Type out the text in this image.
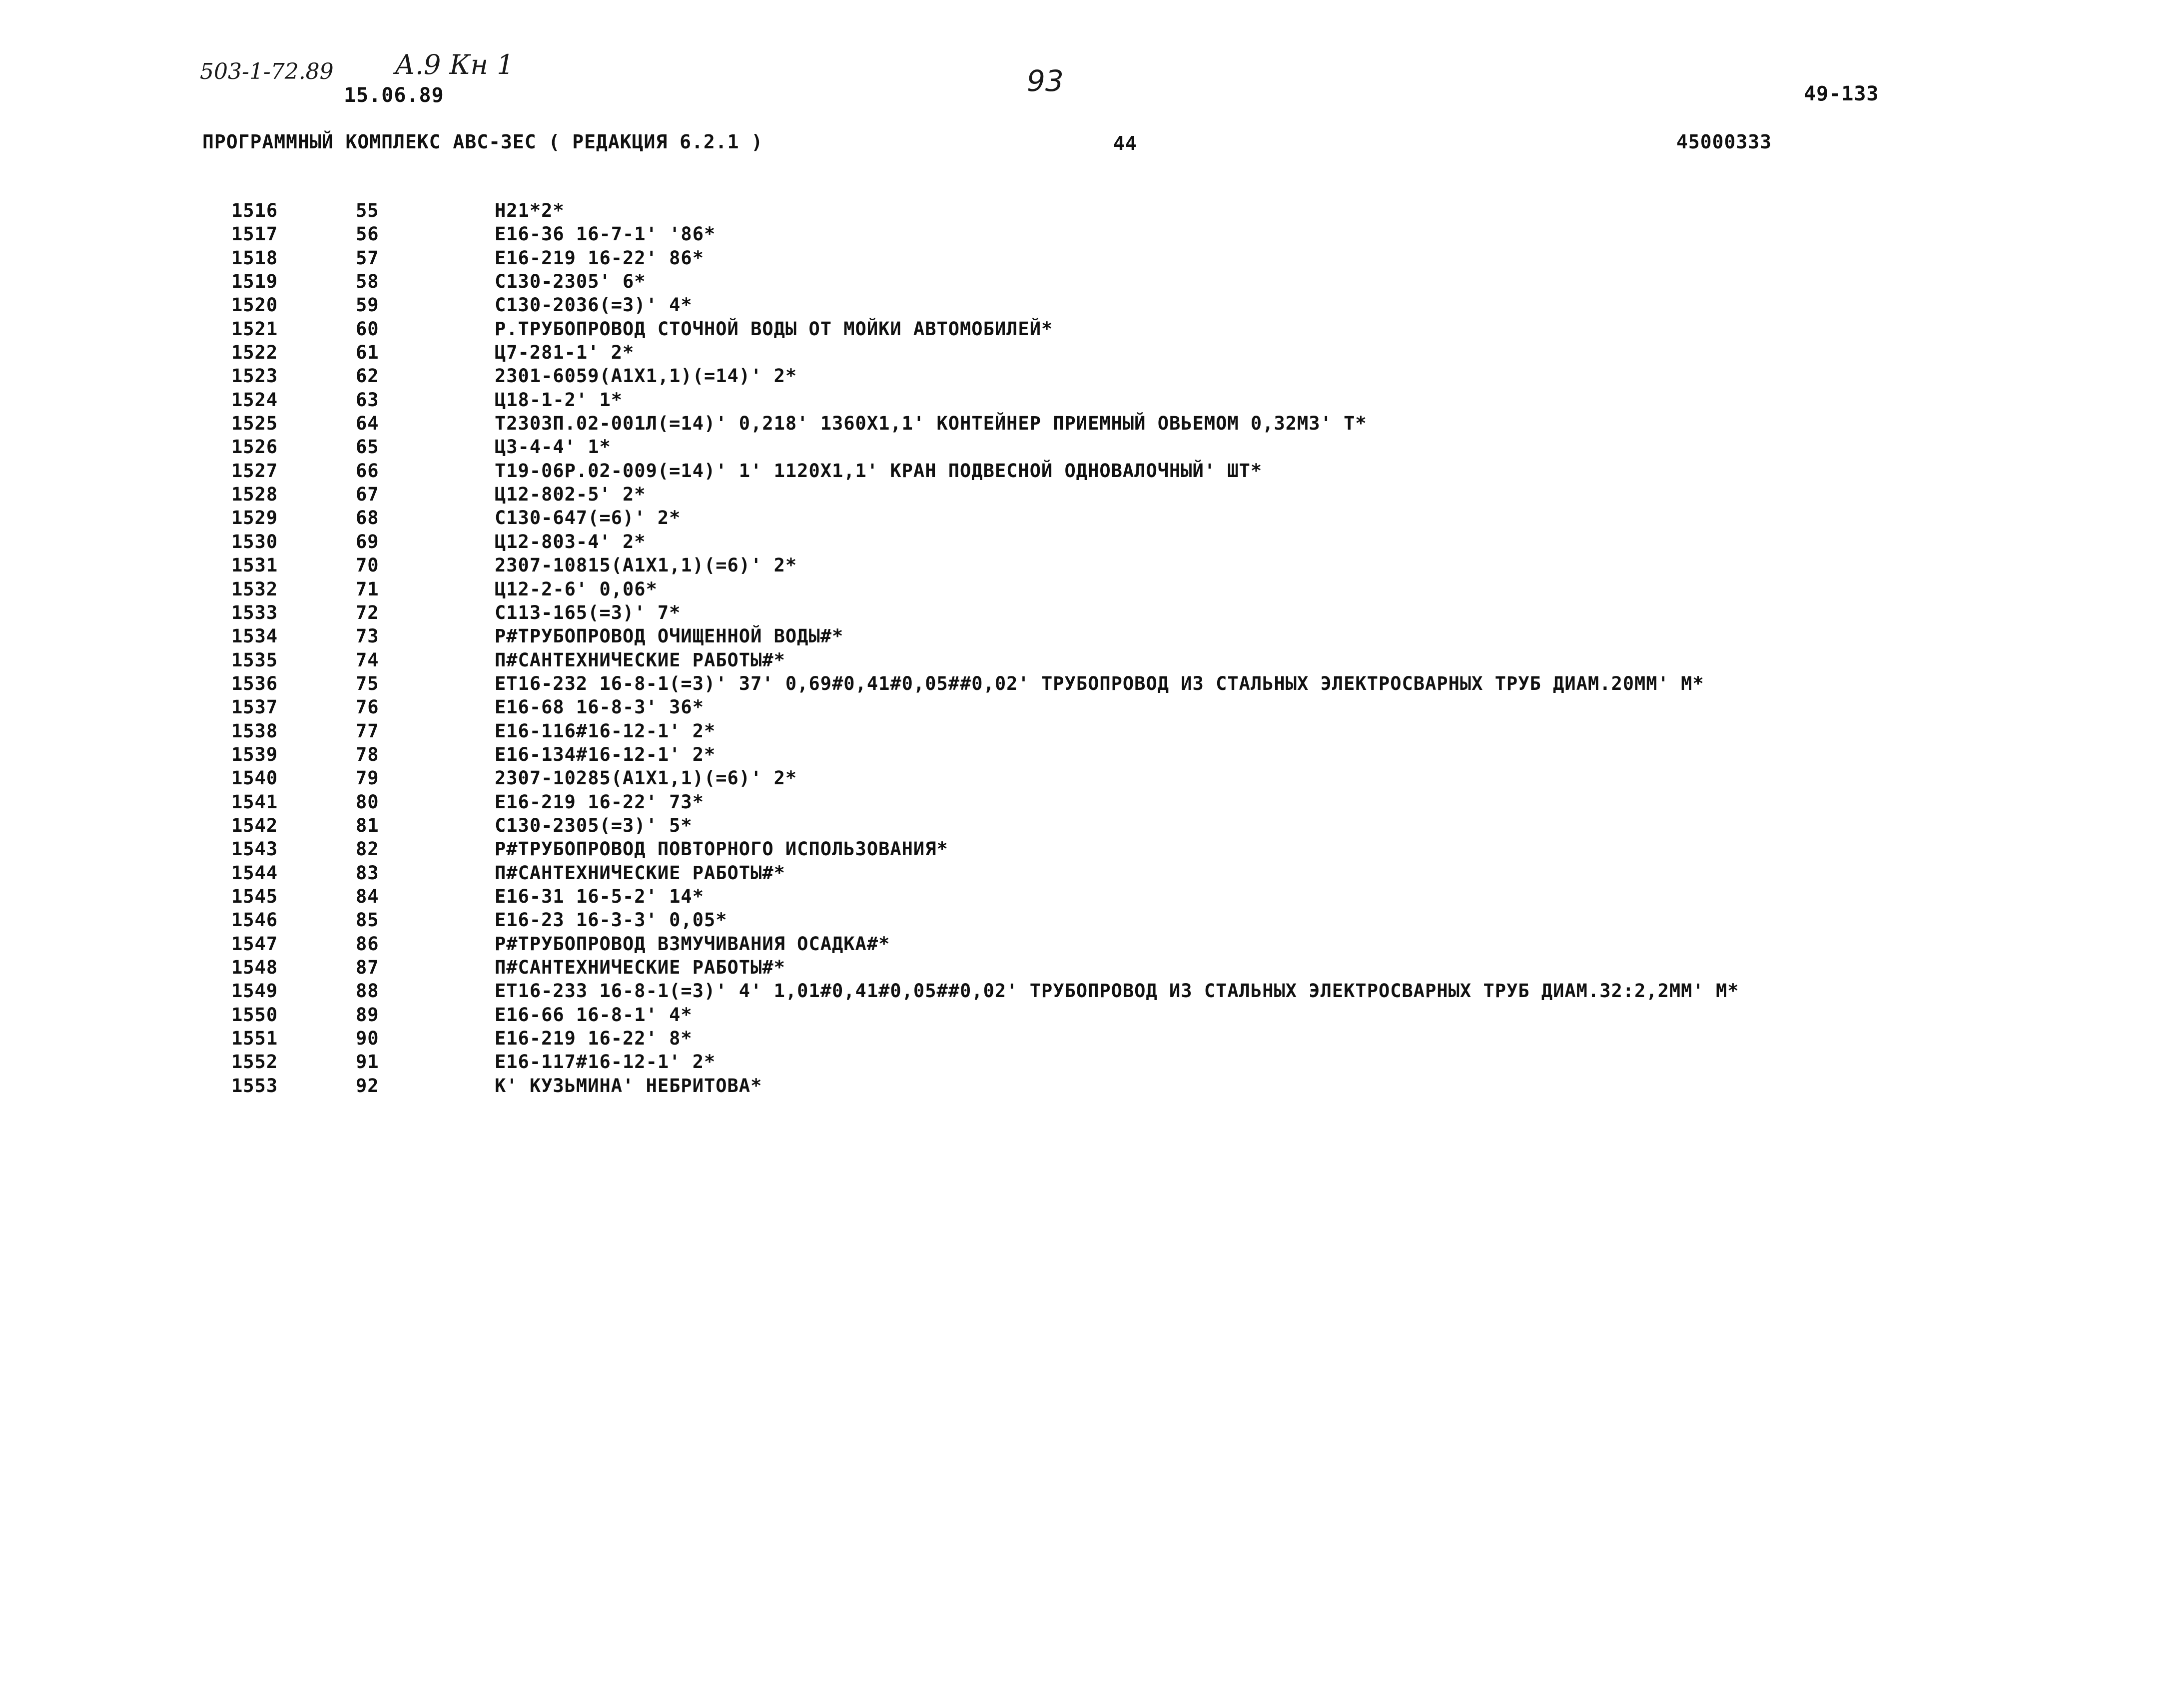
503-1-72.89 А.9 Кн 1
15.06.89	93	49-133
ПРОГРАММНЫЙ КОМПЛЕКС АВС-3ЕС ( РЕДАКЦИЯ 6.2.1 )	44	45000333
1516	55	Н21*2*
1517	56	Е16-36 16-7-1' '86*
1518	57	Е16-219 16-22' 86*
1519	58	С130-2305' 6*
1520	59	С130-2036(=3)' 4*
1521	60	Р.ТРУБОПРОВОД СТОЧНОЙ ВОДЫ ОТ МОЙКИ АВТОМОБИЛЕЙ*
1522	61	Ц7-281-1' 2*
1523	62	2301-6059(А1Х1,1)(=14)' 2*
1524	63	Ц18-1-2' 1*
1525	64	Т2303П.02-001Л(=14)' 0,218' 1360Х1,1' КОНТЕЙНЕР ПРИЕМНЫЙ ОВЬЕМОМ 0,32М3' Т*
1526	65	Ц3-4-4' 1*
1527	66	Т19-06Р.02-009(=14)' 1' 1120Х1,1' КРАН ПОДВЕСНОЙ ОДНОВАЛОЧНЫЙ' ШТ*
1528	67	Ц12-802-5' 2*
1529	68	С130-647(=6)' 2*
1530	69	Ц12-803-4' 2*
1531	70	2307-10815(А1Х1,1)(=6)' 2*
1532	71	Ц12-2-6' 0,06*
1533	72	С113-165(=3)' 7*
1534	73	Р#ТРУБОПРОВОД ОЧИЩЕННОЙ ВОДЫ#*
1535	74	П#САНТЕХНИЧЕСКИЕ РАБОТЫ#*
1536	75	ЕТ16-232 16-8-1(=3)' 37' 0,69#0,41#0,05##0,02' ТРУБОПРОВОД ИЗ СТАЛЬНЫХ ЭЛЕКТРОСВАРНЫХ ТРУБ ДИАМ.20ММ' М*
1537	76	Е16-68 16-8-3' 36*
1538	77	Е16-116#16-12-1' 2*
1539	78	Е16-134#16-12-1' 2*
1540	79	2307-10285(А1Х1,1)(=6)' 2*
1541	80	Е16-219 16-22' 73*
1542	81	С130-2305(=3)' 5*
1543	82	Р#ТРУБОПРОВОД ПОВТОРНОГО ИСПОЛЬЗОВАНИЯ*
1544	83	П#САНТЕХНИЧЕСКИЕ РАБОТЫ#*
1545	84	Е16-31 16-5-2' 14*
1546	85	Е16-23 16-3-3' 0,05*
1547	86	Р#ТРУБОПРОВОД ВЗМУЧИВАНИЯ ОСАДКА#*
1548	87	П#САНТЕХНИЧЕСКИЕ РАБОТЫ#*
1549	88	ЕТ16-233 16-8-1(=3)' 4' 1,01#0,41#0,05##0,02' ТРУБОПРОВОД ИЗ СТАЛЬНЫХ ЭЛЕКТРОСВАРНЫХ ТРУБ ДИАМ.32:2,2ММ' М*
1550	89	Е16-66 16-8-1' 4*
1551	90	Е16-219 16-22' 8*
1552	91	Е16-117#16-12-1' 2*
1553	92	К' КУЗЬМИНА' НЕБРИТОВА*
